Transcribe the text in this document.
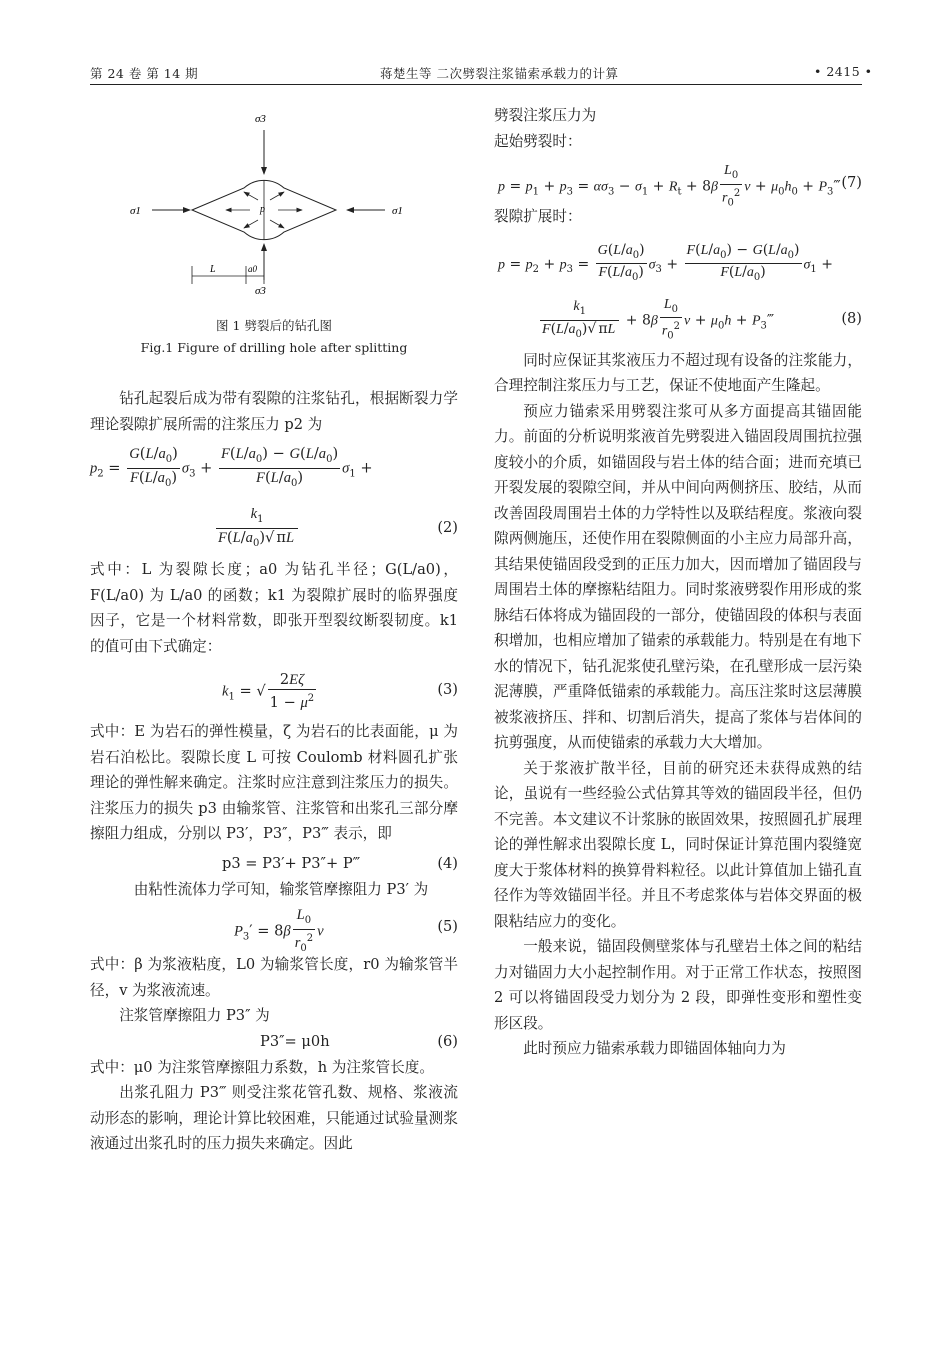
第 24 卷 第 14 期	蒋楚生等 二次劈裂注浆锚索承载力的计算	• 2415 •
σ3
σ1	σ1
p
σ3
L	a0
图 1 劈裂后的钻孔图
Fig.1 Figure of drilling hole after splitting

钻孔起裂后成为带有裂隙的注浆钻孔，根据断裂力学理论裂隙扩展所需的注浆压力 p2 为

$p_2 = \frac{G(L/a_0)}{F(L/a_0)} \sigma_3 + \frac{F(L/a_0) - G(L/a_0)}{F(L/a_0)} \sigma_1$ +
$\frac{k_1}{F(L/a_0)√ \pi L}$	(2)

式中：L 为裂隙长度；a0 为钻孔半径；G(L/a0)，F(L/a0) 为 L/a0 的函数；k1 为裂隙扩展时的临界强度因子，它是一个材料常数，即张开型裂纹断裂韧度。k1 的值可由下式确定：

$k_1$ = √ $\frac{2E\zeta}{1 - \mu^2}$	(3)

式中：E 为岩石的弹性模量，ζ 为岩石的比表面能，μ 为岩石泊松比。裂隙长度 L 可按 Coulomb 材料圆孔扩张理论的弹性解来确定。注浆时应注意到注浆压力的损失。注浆压力的损失 p3 由输浆管、注浆管和出浆孔三部分摩擦阻力组成，分别以 P3′，P3″，P3‴ 表示，即

p3 = P3′+ P3″+ P‴	(4)

由粘性流体力学可知，输浆管摩擦阻力 P3′ 为

$P_3' = 8\beta \frac{L_0}{r_0^2}$ v	(5)

式中：β 为浆液粘度，L0 为输浆管长度，r0 为输浆管半径，v 为浆液流速。

注浆管摩擦阻力 P3″ 为

P3″= μ0h	(6)

式中：μ0 为注浆管摩擦阻力系数，h 为注浆管长度。

出浆孔阻力 P3‴ 则受注浆花管孔数、规格、浆液流动形态的影响，理论计算比较困难，只能通过试验量测浆液通过出浆孔时的压力损失来确定。因此

劈裂注浆压力为

起始劈裂时：

$p = p_1 + p_3 = \alpha\sigma_3 - \sigma_1 + R_t + 8\beta \frac{L_0}{r_0^2}$ $v + \mu_0h_0$ + $P_3‴$ (7)

裂隙扩展时：

$p = p_2 + p_3 = \frac{G(L/a_0)}{F(L/a_0)} \sigma_3 + \frac{F(L/a_0) - G(L/a_0)}{F(L/a_0)} \sigma_1$ +
$\frac{k_1}{F(L/a_0)√ \pi L} + 8\beta \frac{L_0}{r_0^2}$ $v + \mu_0h$ + $P_3‴$	(8)

同时应保证其浆液压力不超过现有设备的注浆能力，合理控制注浆压力与工艺，保证不使地面产生隆起。

预应力锚索采用劈裂注浆可从多方面提高其锚固能力。前面的分析说明浆液首先劈裂进入锚固段周围抗拉强度较小的介质，如锚固段与岩土体的结合面；进而充填已开裂发展的裂隙空间，并从中间向两侧挤压、胶结，从而改善固段周围岩土体的力学特性以及联结程度。浆液向裂隙两侧施压，还使作用在裂隙侧面的小主应力局部升高，其结果使锚固段受到的正压力加大，因而增加了锚固段与周围岩土体的摩擦粘结阻力。同时浆液劈裂作用形成的浆脉结石体将成为锚固段的一部分，使锚固段的体积与表面积增加，也相应增加了锚索的承载能力。特别是在有地下水的情况下，钻孔泥浆使孔壁污染，在孔壁形成一层污染泥薄膜，严重降低锚索的承载能力。高压注浆时这层薄膜被浆液挤压、拌和、切割后消失，提高了浆体与岩体间的抗剪强度，从而使锚索的承载力大大增加。

关于浆液扩散半径，目前的研究还未获得成熟的结论，虽说有一些经验公式估算其等效的锚固段半径，但仍不完善。本文建议不计浆脉的嵌固效果，按照圆孔扩展理论的弹性解求出裂隙长度 L，同时保证计算范围内裂缝宽度大于浆体材料的换算骨料粒径。以此计算值加上锚孔直径作为等效锚固半径。并且不考虑浆体与岩体交界面的极限粘结应力的变化。

一般来说，锚固段侧壁浆体与孔壁岩土体之间的粘结力对锚固力大小起控制作用。对于正常工作状态，按照图 2 可以将锚固段受力划分为 2 段，即弹性变形和塑性变形区段。

此时预应力锚索承载力即锚固体轴向力为
